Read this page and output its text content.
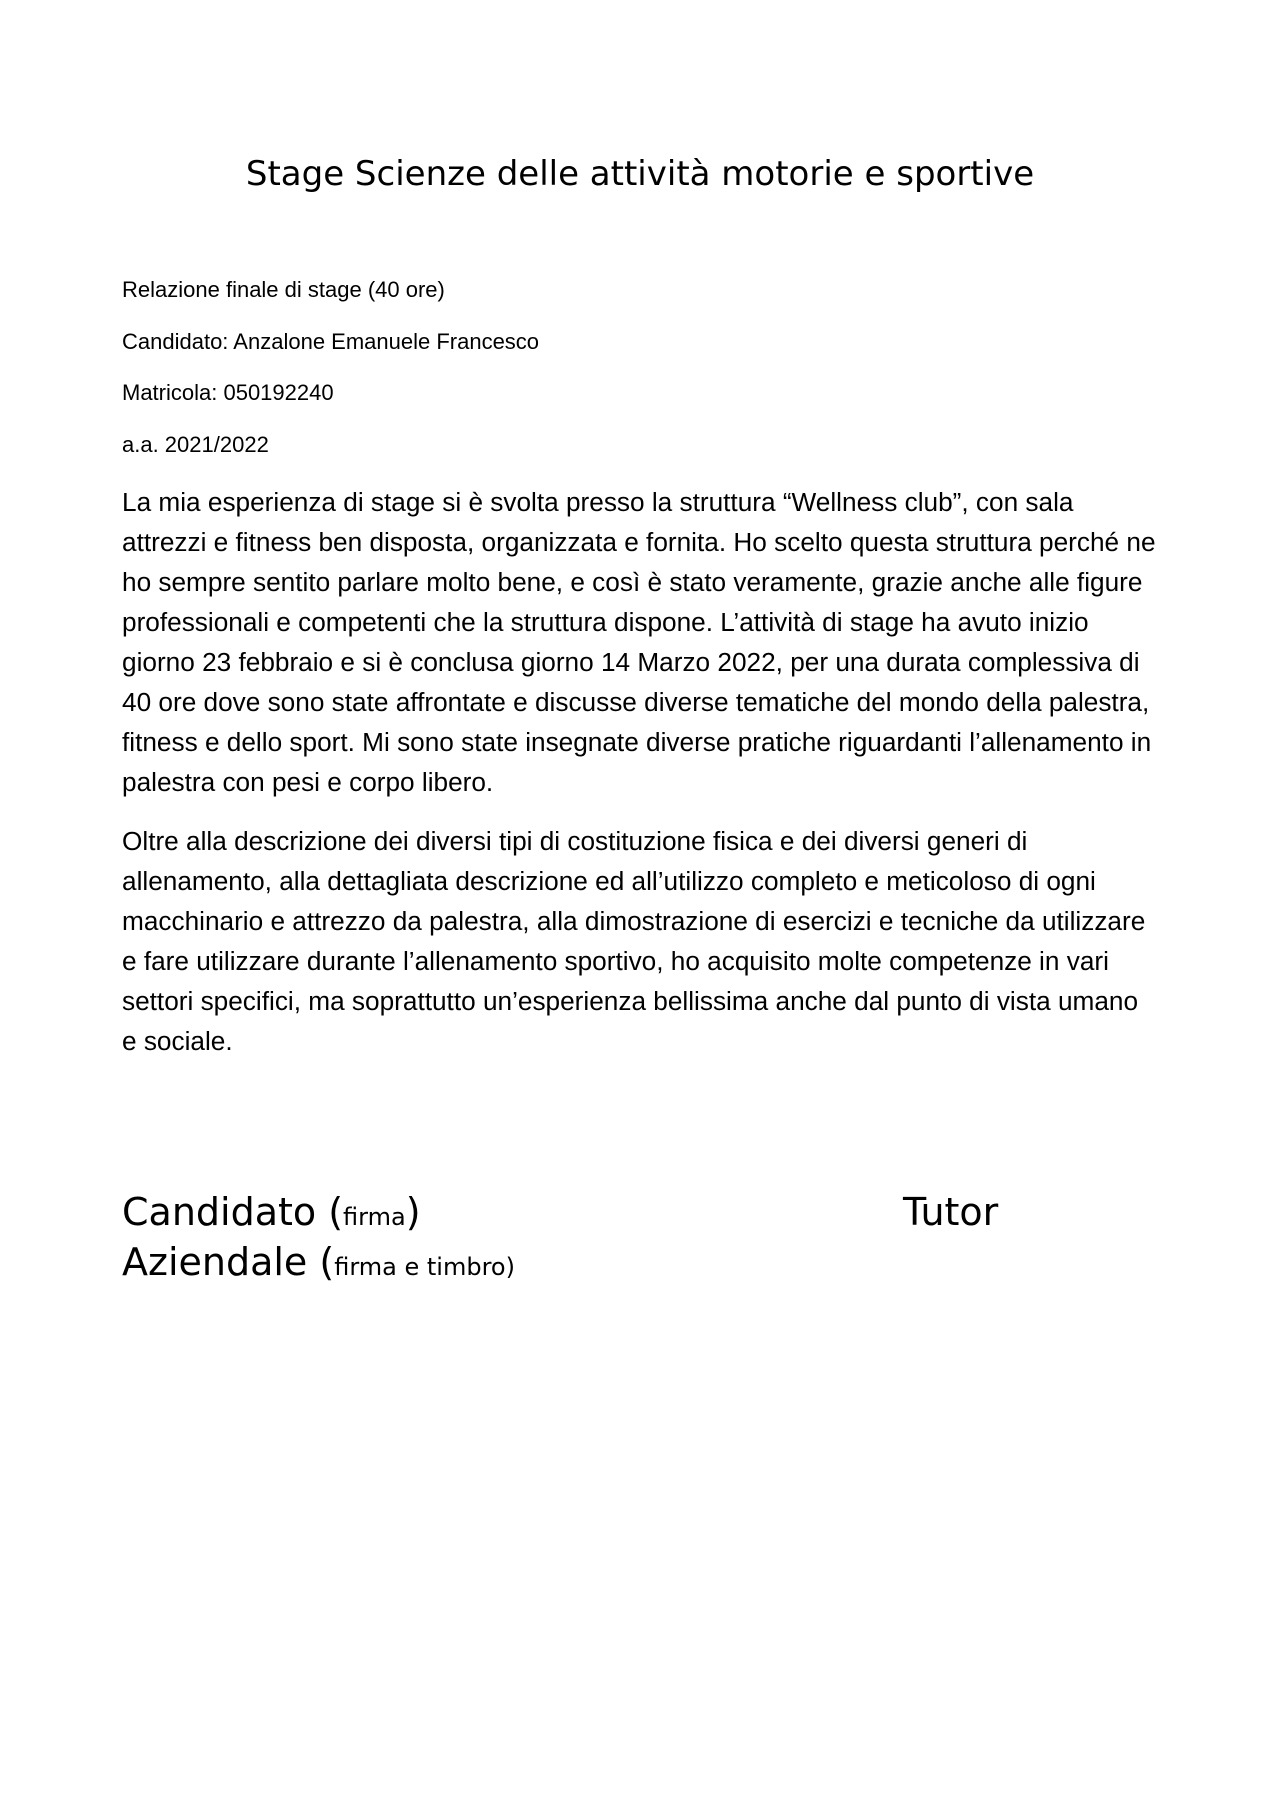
Stage Scienze delle attività motorie e sportive
Relazione finale di stage (40 ore)
Candidato: Anzalone Emanuele Francesco
Matricola: 050192240
a.a. 2021/2022

La mia esperienza di stage si è svolta presso la struttura “Wellness club”, con sala attrezzi e fitness ben disposta, organizzata e fornita. Ho scelto questa struttura perché ne ho sempre sentito parlare molto bene, e così è stato veramente, grazie anche alle figure professionali e competenti che la struttura dispone. L’attività di stage ha avuto inizio giorno 23 febbraio e si è conclusa giorno 14 Marzo 2022, per una durata complessiva di 40 ore dove sono state affrontate e discusse diverse tematiche del mondo della palestra, fitness e dello sport. Mi sono state insegnate diverse pratiche riguardanti l’allenamento in palestra con pesi e corpo libero.

Oltre alla descrizione dei diversi tipi di costituzione fisica e dei diversi generi di allenamento, alla dettagliata descrizione ed all’utilizzo completo e meticoloso di ogni macchinario e attrezzo da palestra, alla dimostrazione di esercizi e tecniche da utilizzare e fare utilizzare durante l’allenamento sportivo, ho acquisito molte competenze in vari settori specifici, ma soprattutto un’esperienza bellissima anche dal punto di vista umano e sociale.

Candidato (firma)	Tutor
Aziendale (firma e timbro)
